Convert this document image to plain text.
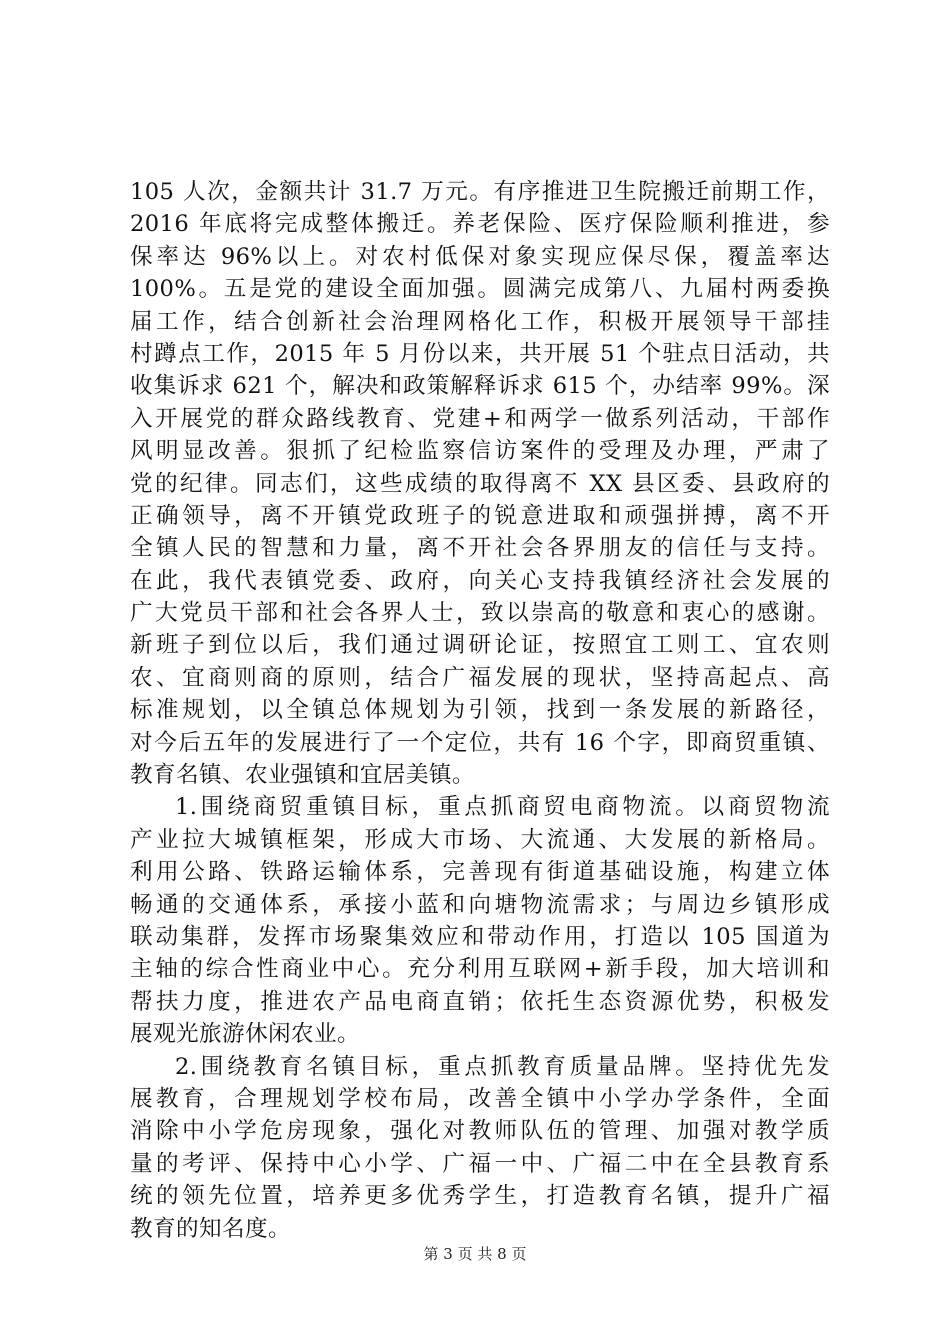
105 人次，金额共计 31.7 万元。有序推进卫生院搬迁前期工作，
2016 年底将完成整体搬迁。养老保险、医疗保险顺利推进，参
保率达 96%以上。对农村低保对象实现应保尽保，覆盖率达
100%。五是党的建设全面加强。圆满完成第八、九届村两委换
届工作，结合创新社会治理网格化工作，积极开展领导干部挂
村蹲点工作，2015 年 5 月份以来，共开展 51 个驻点日活动，共
收集诉求 621 个，解决和政策解释诉求 615 个，办结率 99%。深
入开展党的群众路线教育、党建+和两学一做系列活动，干部作
风明显改善。狠抓了纪检监察信访案件的受理及办理，严肃了
党的纪律。同志们，这些成绩的取得离不 XX 县区委、县政府的
正确领导，离不开镇党政班子的锐意进取和顽强拼搏，离不开
全镇人民的智慧和力量，离不开社会各界朋友的信任与支持。
在此，我代表镇党委、政府，向关心支持我镇经济社会发展的
广大党员干部和社会各界人士，致以崇高的敬意和衷心的感谢。
新班子到位以后，我们通过调研论证，按照宜工则工、宜农则
农、宜商则商的原则，结合广福发展的现状，坚持高起点、高
标准规划，以全镇总体规划为引领，找到一条发展的新路径，
对今后五年的发展进行了一个定位，共有 16 个字，即商贸重镇、
教育名镇、农业强镇和宜居美镇。
1.围绕商贸重镇目标，重点抓商贸电商物流。以商贸物流
产业拉大城镇框架，形成大市场、大流通、大发展的新格局。
利用公路、铁路运输体系，完善现有街道基础设施，构建立体
畅通的交通体系，承接小蓝和向塘物流需求；与周边乡镇形成
联动集群，发挥市场聚集效应和带动作用，打造以 105 国道为
主轴的综合性商业中心。充分利用互联网+新手段，加大培训和
帮扶力度，推进农产品电商直销；依托生态资源优势，积极发
展观光旅游休闲农业。
2.围绕教育名镇目标，重点抓教育质量品牌。坚持优先发
展教育，合理规划学校布局，改善全镇中小学办学条件，全面
消除中小学危房现象，强化对教师队伍的管理、加强对教学质
量的考评、保持中心小学、广福一中、广福二中在全县教育系
统的领先位置，培养更多优秀学生，打造教育名镇，提升广福
教育的知名度。
第 3 页 共 8 页
